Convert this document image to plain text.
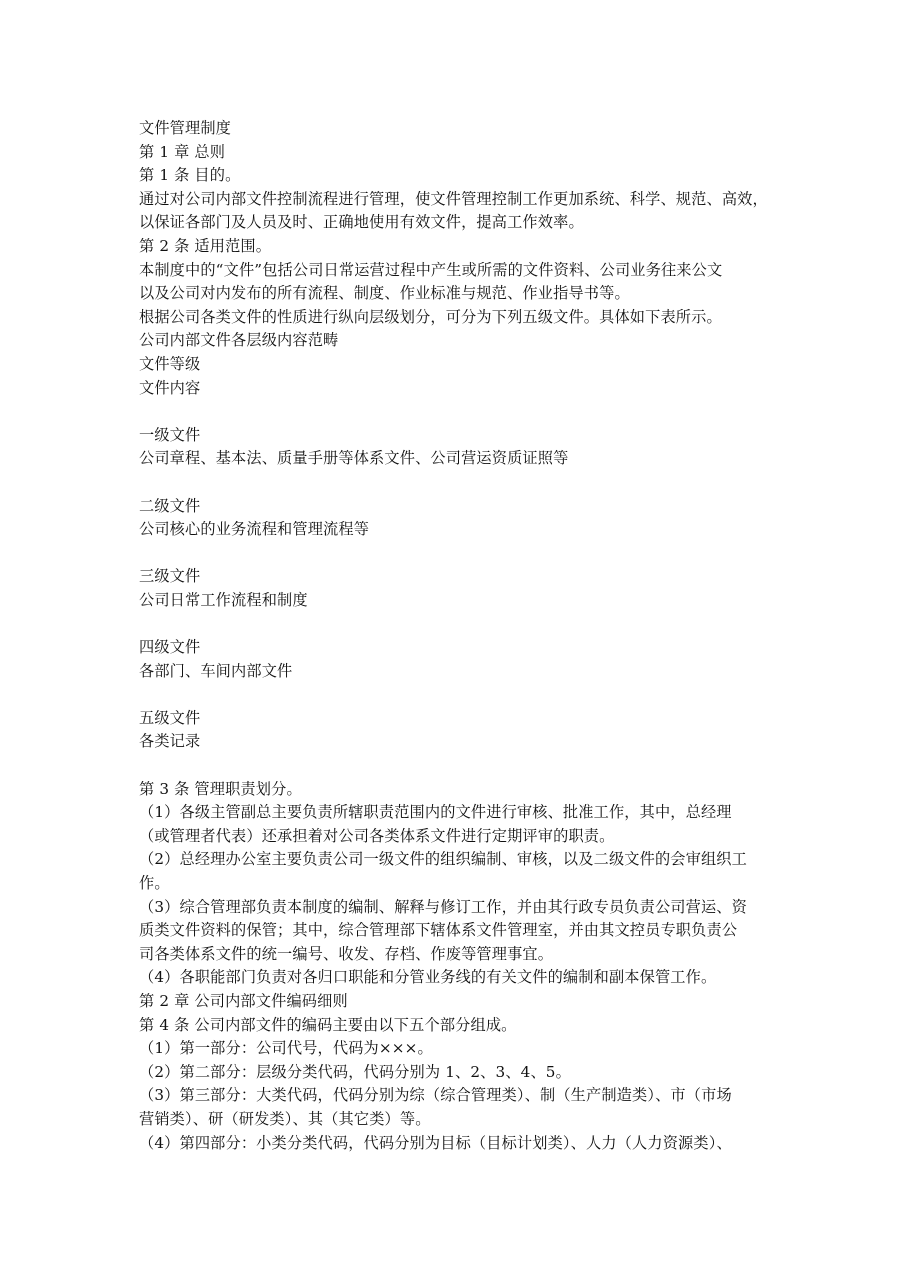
文件管理制度
第 1 章 总则
第 1 条 目的。
通过对公司内部文件控制流程进行管理，使文件管理控制工作更加系统、科学、规范、高效，
以保证各部门及人员及时、正确地使用有效文件，提高工作效率。
第 2 条 适用范围。
本制度中的“文件”包括公司日常运营过程中产生或所需的文件资料、公司业务往来公文
以及公司对内发布的所有流程、制度、作业标准与规范、作业指导书等。
根据公司各类文件的性质进行纵向层级划分，可分为下列五级文件。具体如下表所示。
公司内部文件各层级内容范畴
文件等级
文件内容
一级文件
公司章程、基本法、质量手册等体系文件、公司营运资质证照等
二级文件
公司核心的业务流程和管理流程等
三级文件
公司日常工作流程和制度
四级文件
各部门、车间内部文件
五级文件
各类记录
第 3 条 管理职责划分。
（1）各级主管副总主要负责所辖职责范围内的文件进行审核、批准工作，其中，总经理
（或管理者代表）还承担着对公司各类体系文件进行定期评审的职责。
（2）总经理办公室主要负责公司一级文件的组织编制、审核，以及二级文件的会审组织工
作。
（3）综合管理部负责本制度的编制、解释与修订工作，并由其行政专员负责公司营运、资
质类文件资料的保管；其中，综合管理部下辖体系文件管理室，并由其文控员专职负责公
司各类体系文件的统一编号、收发、存档、作废等管理事宜。
（4）各职能部门负责对各归口职能和分管业务线的有关文件的编制和副本保管工作。
第 2 章 公司内部文件编码细则
第 4 条 公司内部文件的编码主要由以下五个部分组成。
（1）第一部分：公司代号，代码为×××。
（2）第二部分：层级分类代码，代码分别为 1、2、3、4、5。
（3）第三部分：大类代码，代码分别为综（综合管理类）、制（生产制造类）、市（市场
营销类）、研（研发类）、其（其它类）等。
（4）第四部分：小类分类代码，代码分别为目标（目标计划类）、人力（人力资源类）、
